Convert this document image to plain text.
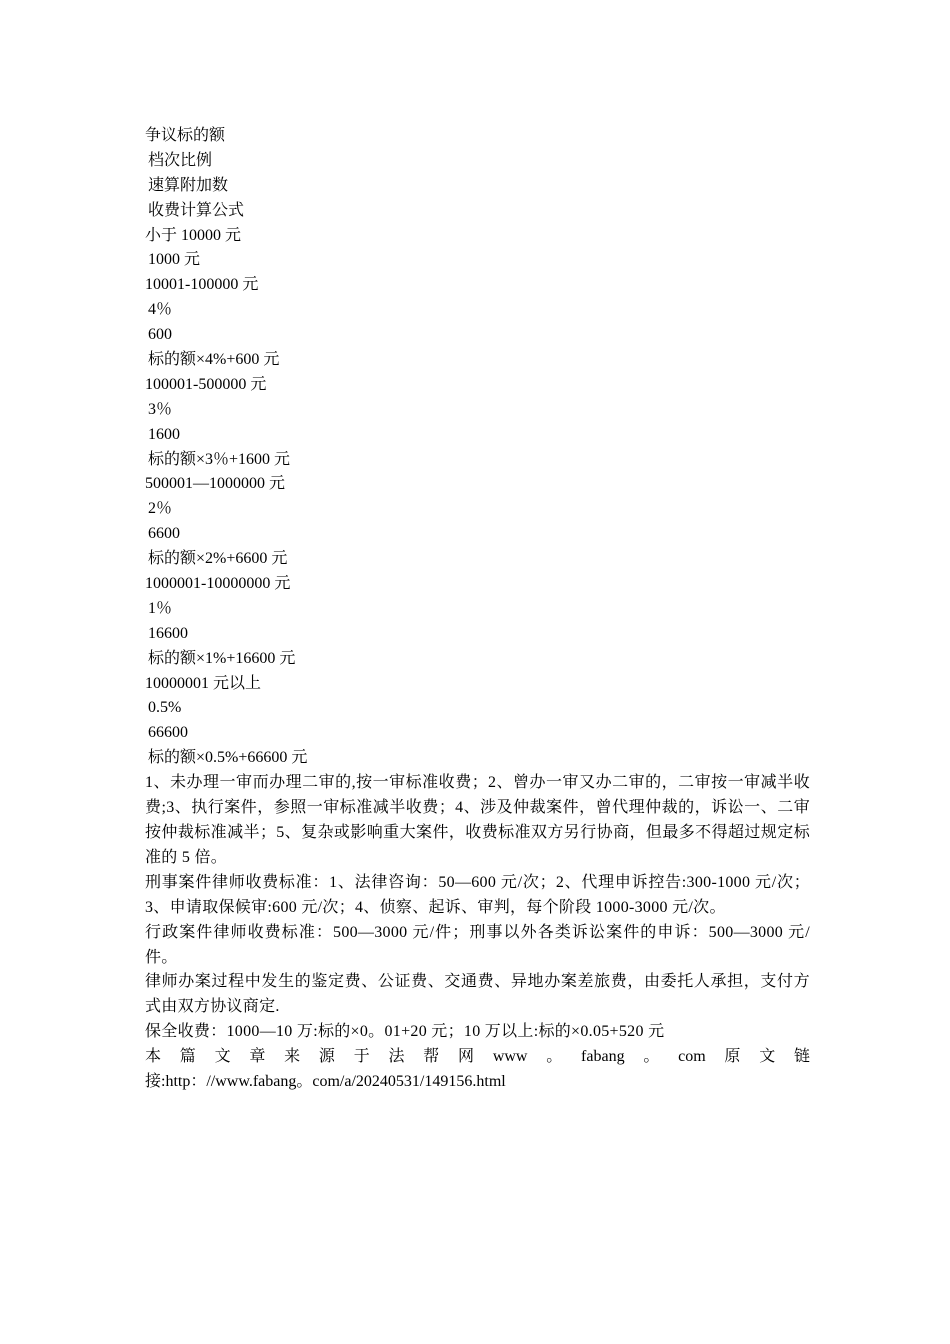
争议标的额
档次比例
速算附加数
收费计算公式
小于 10000 元
1000 元
10001-100000 元
4％
600
标的额×4%+600 元
100001-500000 元
3％
1600
标的额×3％+1600 元
500001—1000000 元
2％
6600
标的额×2%+6600 元
1000001-10000000 元
1％
16600
标的额×1%+16600 元
10000001 元以上
0.5%
66600
标的额×0.5%+66600 元
1、未办理一审而办理二审的,按一审标准收费；2、曾办一审又办二审的，二审按一审减半收费;3、执行案件，参照一审标准减半收费；4、涉及仲裁案件，曾代理仲裁的，诉讼一、二审按仲裁标准减半；5、复杂或影响重大案件，收费标准双方另行协商，但最多不得超过规定标准的 5 倍。
刑事案件律师收费标准：1、法律咨询：50—600 元/次；2、代理申诉控告:300-1000 元/次；3、申请取保候审:600 元/次；4、侦察、起诉、审判，每个阶段 1000-3000 元/次。
行政案件律师收费标准：500—3000 元/件；刑事以外各类诉讼案件的申诉：500—3000 元/件。
律师办案过程中发生的鉴定费、公证费、交通费、异地办案差旅费，由委托人承担，支付方式由双方协议商定.
保全收费：1000—10 万:标的×0。01+20 元；10 万以上:标的×0.05+520 元
本 篇 文 章 来 源 于 法 帮 网 www 。 fabang 。 com 原 文 链
接:http：//www.fabang。com/a/20240531/149156.html
